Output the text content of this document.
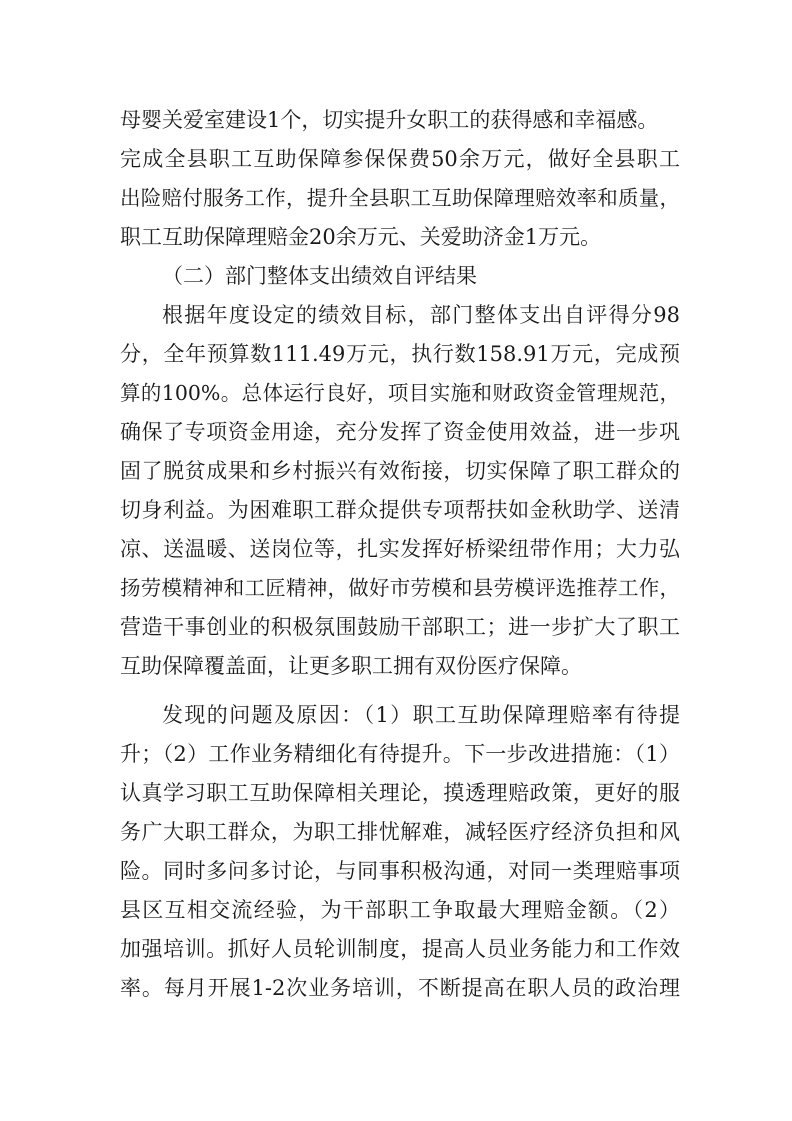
母婴关爱室建设1个，切实提升女职工的获得感和幸福感。
完成全县职工互助保障参保保费50余万元，做好全县职工
出险赔付服务工作，提升全县职工互助保障理赔效率和质量，
职工互助保障理赔金20余万元、关爱助济金1万元。
（二）部门整体支出绩效自评结果
根据年度设定的绩效目标，部门整体支出自评得分98
分，全年预算数111.49万元，执行数158.91万元，完成预
算的100%。总体运行良好，项目实施和财政资金管理规范，
确保了专项资金用途，充分发挥了资金使用效益，进一步巩
固了脱贫成果和乡村振兴有效衔接，切实保障了职工群众的
切身利益。为困难职工群众提供专项帮扶如金秋助学、送清
凉、送温暖、送岗位等，扎实发挥好桥梁纽带作用；大力弘
扬劳模精神和工匠精神，做好市劳模和县劳模评选推荐工作，
营造干事创业的积极氛围鼓励干部职工；进一步扩大了职工
互助保障覆盖面，让更多职工拥有双份医疗保障。
发现的问题及原因：（1）职工互助保障理赔率有待提
升；（2）工作业务精细化有待提升。下一步改进措施：（1）
认真学习职工互助保障相关理论，摸透理赔政策，更好的服
务广大职工群众，为职工排忧解难，减轻医疗经济负担和风
险。同时多问多讨论，与同事积极沟通，对同一类理赔事项
县区互相交流经验，为干部职工争取最大理赔金额。（2）
加强培训。抓好人员轮训制度，提高人员业务能力和工作效
率。每月开展1-2次业务培训，不断提高在职人员的政治理
